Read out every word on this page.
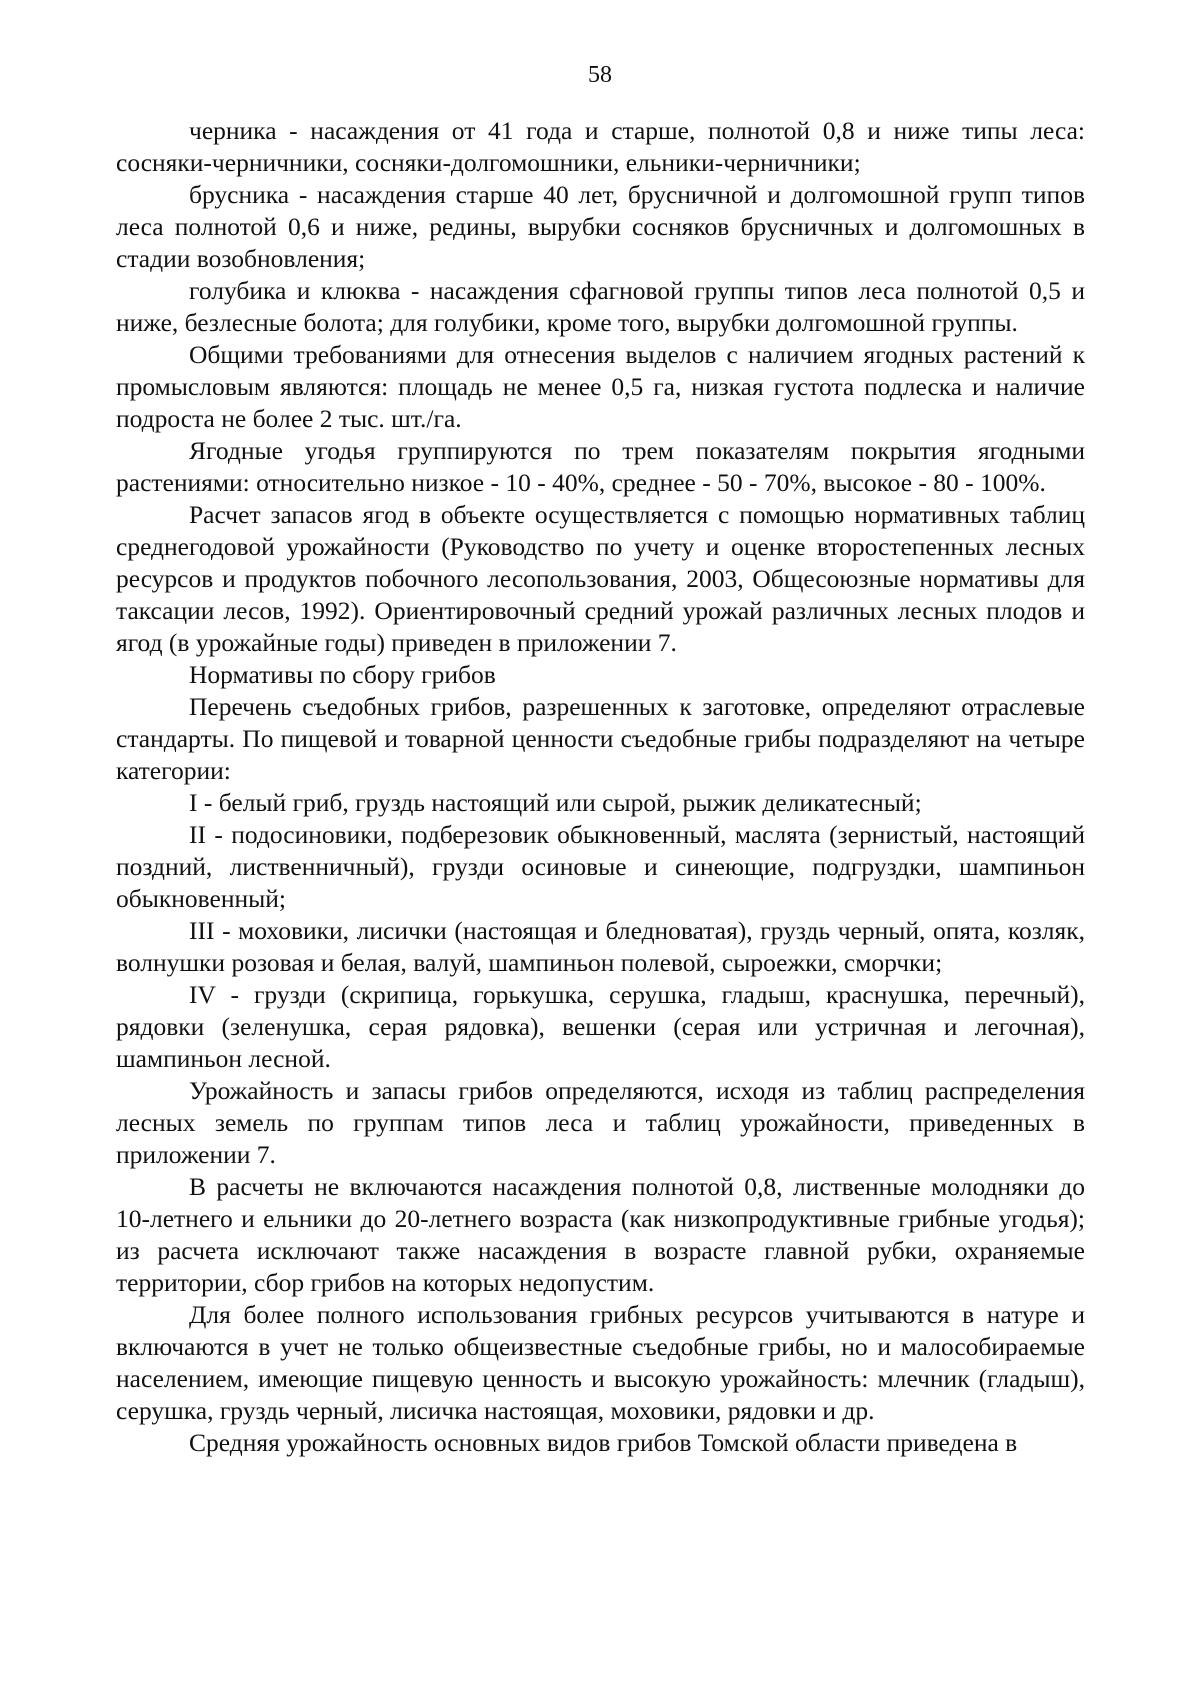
58

черника - насаждения от 41 года и старше, полнотой 0,8 и ниже типы леса: сосняки-черничники, сосняки-долгомошники, ельники-черничники;

брусника - насаждения старше 40 лет, брусничной и долгомошной групп типов леса полнотой 0,6 и ниже, редины, вырубки сосняков брусничных и долгомошных в стадии возобновления;

голубика и клюква - насаждения сфагновой группы типов леса полнотой 0,5 и ниже, безлесные болота; для голубики, кроме того, вырубки долгомошной группы.

Общими требованиями для отнесения выделов с наличием ягодных растений к промысловым являются: площадь не менее 0,5 га, низкая густота подлеска и наличие подроста не более 2 тыс. шт./га.

Ягодные угодья группируются по трем показателям покрытия ягодными растениями: относительно низкое - 10 - 40%, среднее - 50 - 70%, высокое - 80 - 100%.

Расчет запасов ягод в объекте осуществляется с помощью нормативных таблиц среднегодовой урожайности (Руководство по учету и оценке второстепенных лесных ресурсов и продуктов побочного лесопользования, 2003, Общесоюзные нормативы для таксации лесов, 1992). Ориентировочный средний урожай различных лесных плодов и ягод (в урожайные годы) приведен в приложении 7.

Нормативы по сбору грибов

Перечень съедобных грибов, разрешенных к заготовке, определяют отраслевые стандарты. По пищевой и товарной ценности съедобные грибы подразделяют на четыре категории:

I - белый гриб, груздь настоящий или сырой, рыжик деликатесный;

II - подосиновики, подберезовик обыкновенный, маслята (зернистый, настоящий поздний, лиственничный), грузди осиновые и синеющие, подгруздки, шампиньон обыкновенный;

III - моховики, лисички (настоящая и бледноватая), груздь черный, опята, козляк, волнушки розовая и белая, валуй, шампиньон полевой, сыроежки, сморчки;

IV - грузди (скрипица, горькушка, серушка, гладыш, краснушка, перечный), рядовки (зеленушка, серая рядовка), вешенки (серая или устричная и легочная), шампиньон лесной.

Урожайность и запасы грибов определяются, исходя из таблиц распределения лесных земель по группам типов леса и таблиц урожайности, приведенных в приложении 7.

В расчеты не включаются насаждения полнотой 0,8, лиственные молодняки до 10-летнего и ельники до 20-летнего возраста (как низкопродуктивные грибные угодья); из расчета исключают также насаждения в возрасте главной рубки, охраняемые территории, сбор грибов на которых недопустим.

Для более полного использования грибных ресурсов учитываются в натуре и включаются в учет не только общеизвестные съедобные грибы, но и малособираемые населением, имеющие пищевую ценность и высокую урожайность: млечник (гладыш), серушка, груздь черный, лисичка настоящая, моховики, рядовки и др.

Средняя урожайность основных видов грибов Томской области приведена в
